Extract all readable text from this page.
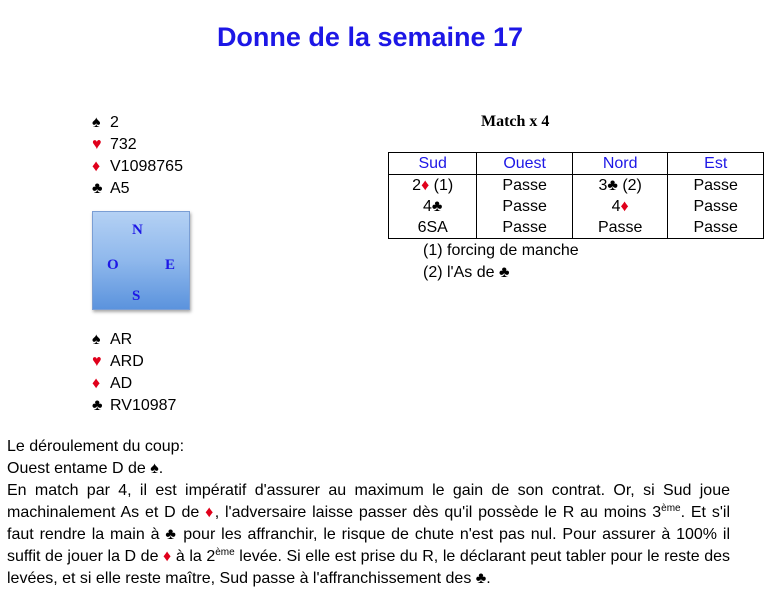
Donne de la semaine 17
♠ 2
♥ 732
♦ V1098765
♣ A5
N
S
O	E
♠ AR
♥ ARD
♦ AD
♣ RV10987
Match x 4
Sud	Ouest	Nord	Est
2♦ (1)	Passe	3♣ (2)	Passe
4♣	Passe	4♦	Passe
6SA	Passe	Passe	Passe
(1) forcing de manche
(2) l'As de ♣

Le déroulement du coup:

Ouest entame D de ♠.

En match par 4, il est impératif d'assurer au maximum le gain de son contrat. Or, si Sud joue machinalement As et D de ♦, l'adversaire laisse passer dès qu'il possède le R au moins 3ème. Et s'il faut rendre la main à ♣ pour les affranchir, le risque de chute n'est pas nul. Pour assurer à 100% il suffit de jouer la D de ♦ à la 2ème levée. Si elle est prise du R, le déclarant peut tabler pour le reste des levées, et si elle reste maître, Sud passe à l'affranchissement des ♣.
